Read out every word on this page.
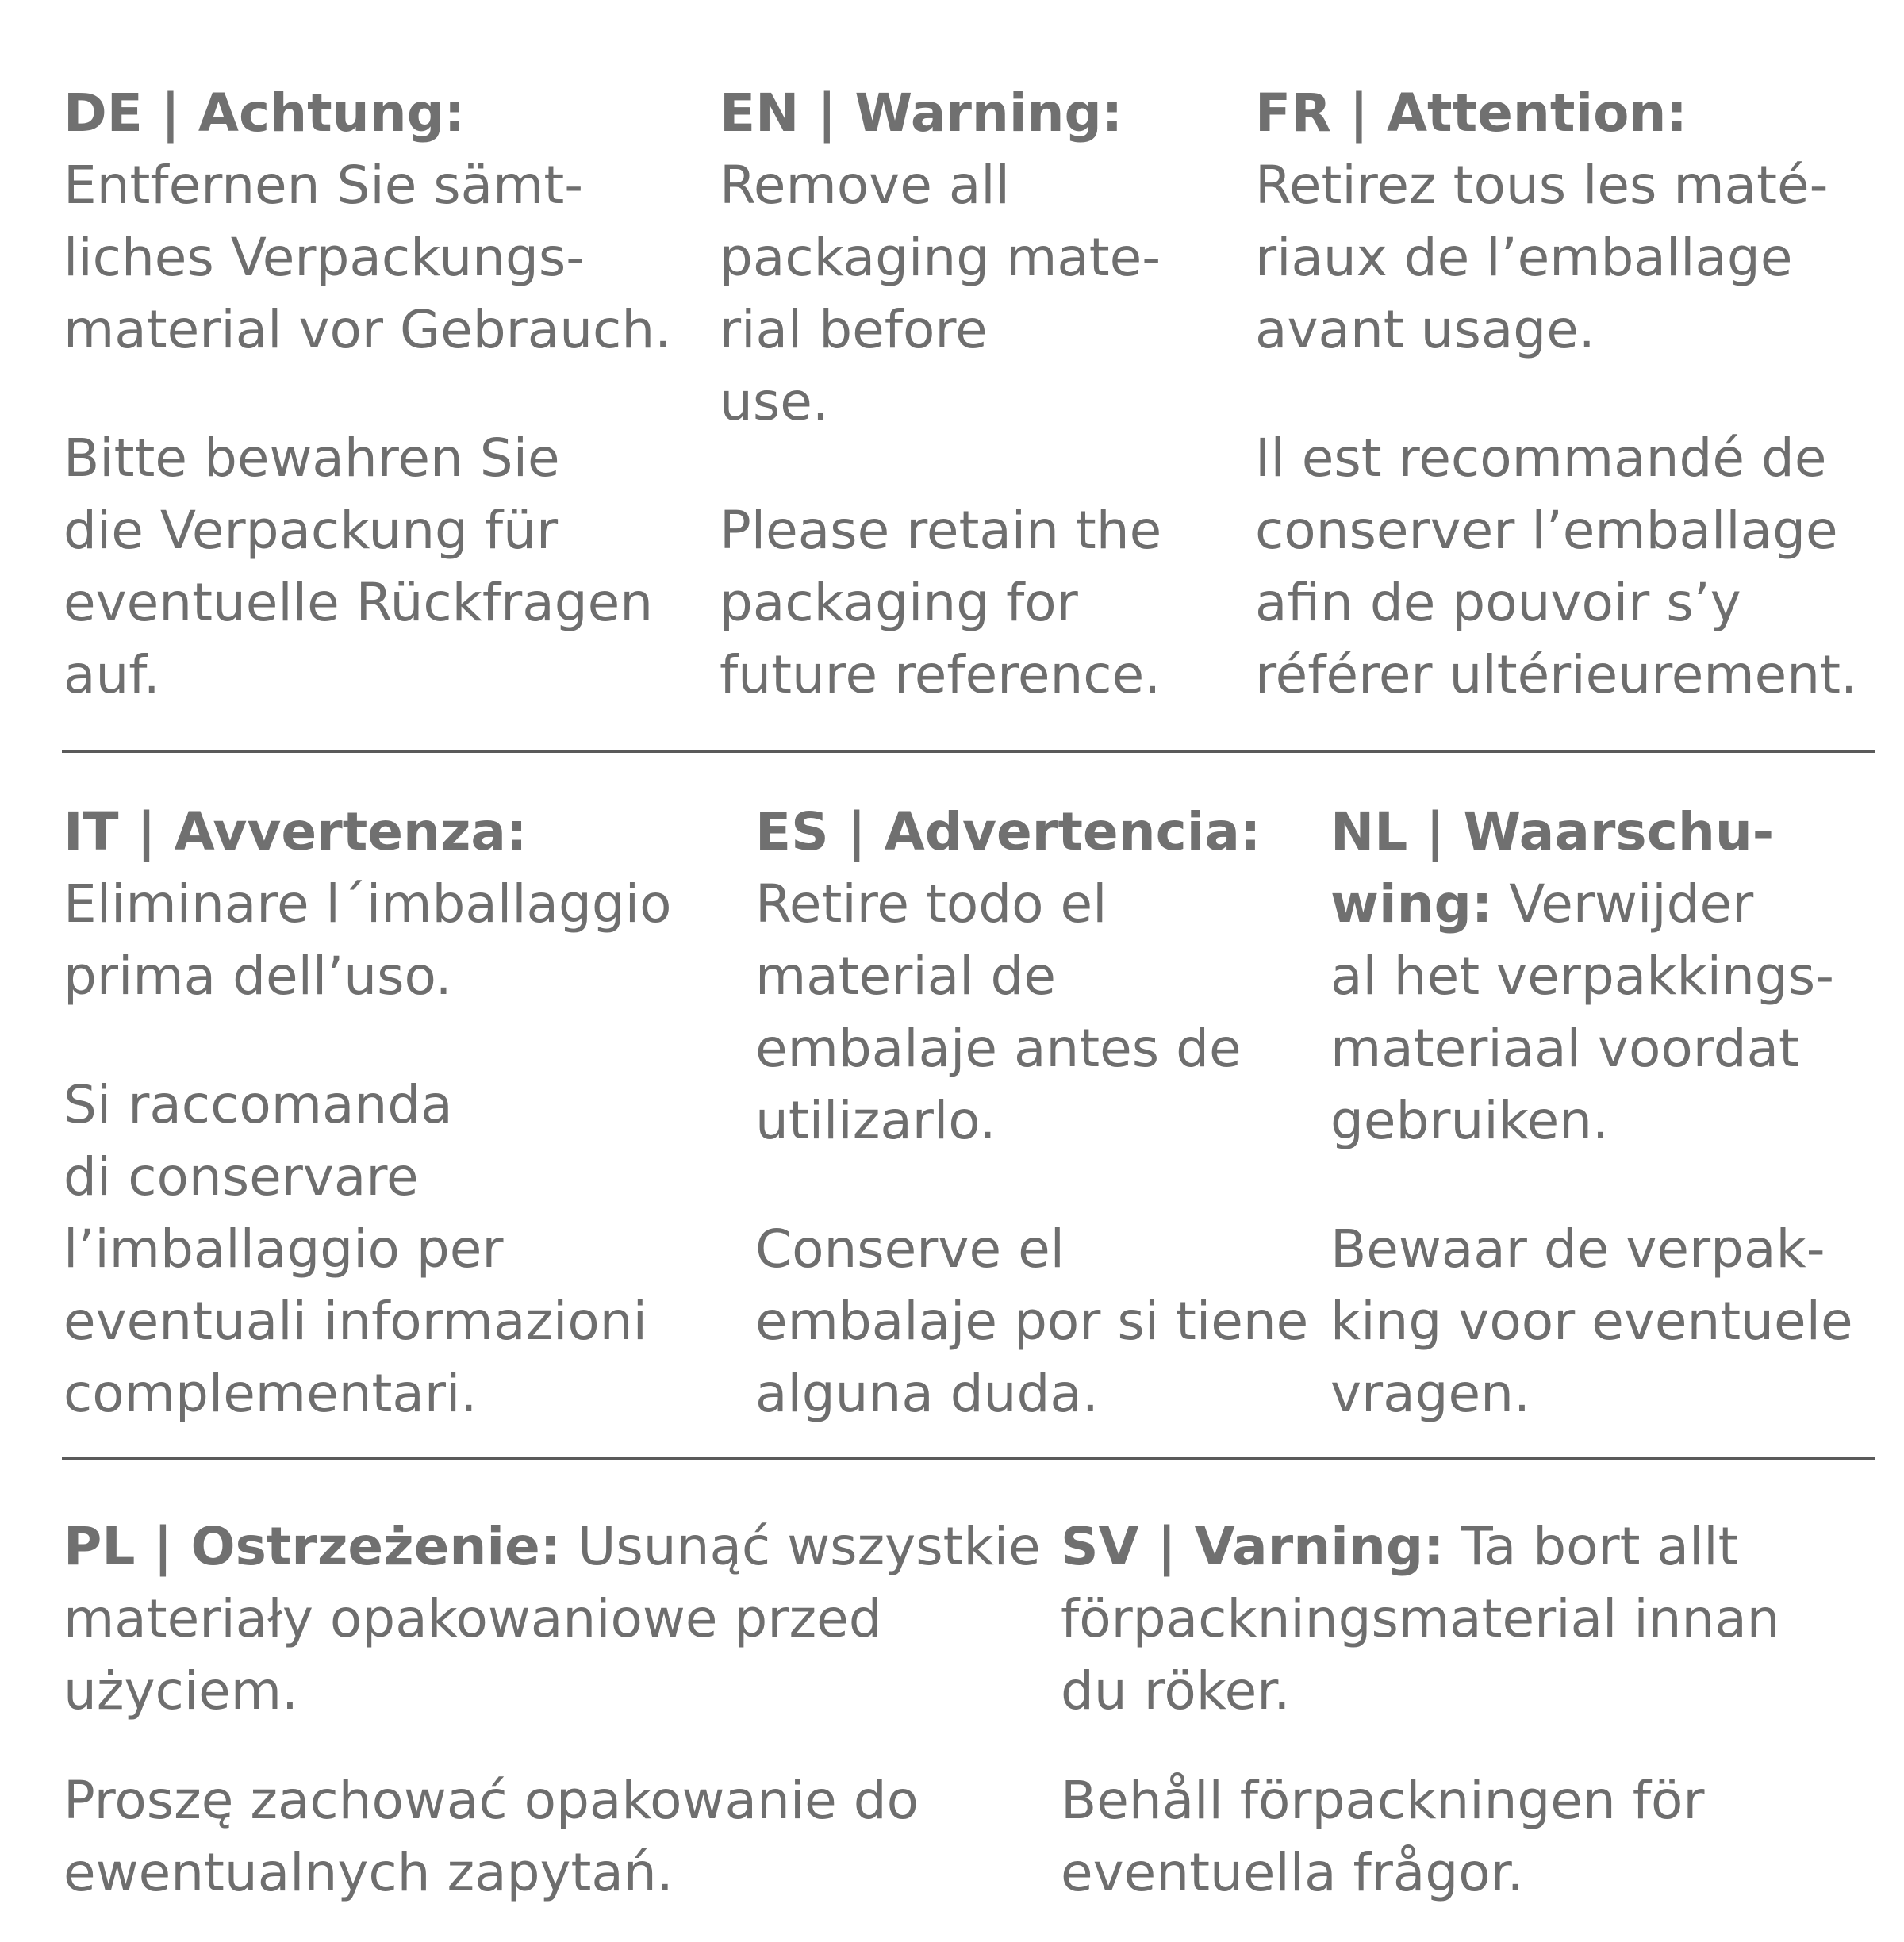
DE | Achtung:

Entfernen Sie sämt-
liches Verpackungs-
material vor Gebrauch.

Bitte bewahren Sie
die Verpackung für
eventuelle Rückfragen
auf.

EN | Warning:

Remove all
packaging mate-
rial before
use.

Please retain the
packaging for
future reference.

FR | Attention:

Retirez tous les maté-
riaux de l’emballage
avant usage.

Il est recommandé de
conserver l’emballage
afin de pouvoir s’y
référer ultérieurement.

IT | Avvertenza:

Eliminare l´imballaggio
prima dell’uso.

Si raccomanda
di conservare
l’imballaggio per
eventuali informazioni
complementari.

ES | Advertencia:

Retire todo el
material de
embalaje antes de
utilizarlo.

Conserve el
embalaje por si tiene
alguna duda.

NL | Waarschu-
wing: Verwijder

al het verpakkings-
materiaal voordat
gebruiken.

Bewaar de verpak-
king voor eventuele
vragen.

PL | Ostrzeżenie: Usunąć wszystkie

materiały opakowaniowe przed
użyciem.

Proszę zachować opakowanie do
ewentualnych zapytań.

SV | Varning: Ta bort allt

förpackningsmaterial innan
du röker.

Behåll förpackningen för
eventuella frågor.
